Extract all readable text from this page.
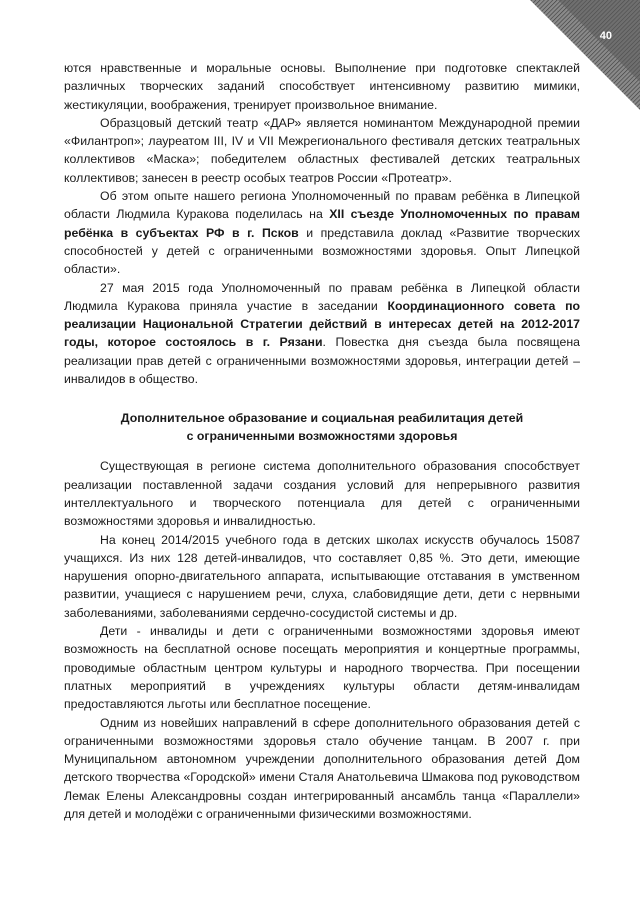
40

ются нравственные и моральные основы. Выполнение при подготовке спектаклей различных творческих заданий способствует интенсивному развитию мимики, жестикуляции, воображения, тренирует произвольное внимание.

Образцовый детский театр «ДАР» является номинантом Международной премии «Филантроп»; лауреатом III, IV и VII Межрегионального фестиваля детских театральных коллективов «Маска»; победителем областных фестивалей детских театральных коллективов; занесен в реестр особых театров России «Протеатр».

Об этом опыте нашего региона Уполномоченный по правам ребёнка в Липецкой области Людмила Куракова поделилась на XII съезде Уполномоченных по правам ребёнка в субъектах РФ в г. Псков и представила доклад «Развитие творческих способностей у детей с ограниченными возможностями здоровья. Опыт Липецкой области».

27 мая 2015 года Уполномоченный по правам ребёнка в Липецкой области Людмила Куракова приняла участие в заседании Координационного совета по реализации Национальной Стратегии действий в интересах детей на 2012-2017 годы, которое состоялось в г. Рязани. Повестка дня съезда была посвящена реализации прав детей с ограниченными возможностями здоровья, интеграции детей – инвалидов в общество.

Дополнительное образование и социальная реабилитация детей
с ограниченными возможностями здоровья

Существующая в регионе система дополнительного образования способствует реализации поставленной задачи создания условий для непрерывного развития интеллектуального и творческого потенциала для детей с ограниченными возможностями здоровья и инвалидностью.

На конец 2014/2015 учебного года в детских школах искусств обучалось 15087 учащихся. Из них 128 детей-инвалидов, что составляет 0,85 %. Это дети, имеющие нарушения опорно-двигательного аппарата, испытывающие отставания в умственном развитии, учащиеся с нарушением речи, слуха, слабовидящие дети, дети с нервными заболеваниями, заболеваниями сердечно-сосудистой системы и др.

Дети - инвалиды и дети с ограниченными возможностями здоровья имеют возможность на бесплатной основе посещать мероприятия и концертные программы, проводимые областным центром культуры и народного творчества. При посещении платных мероприятий в учреждениях культуры области детям-инвалидам предоставляются льготы или бесплатное посещение.

Одним из новейших направлений в сфере дополнительного образования детей с ограниченными возможностями здоровья стало обучение танцам. В 2007 г. при Муниципальном автономном учреждении дополнительного образования детей Дом детского творчества «Городской» имени Сталя Анатольевича Шмакова под руководством Лемак Елены Александровны создан интегрированный ансамбль танца «Параллели» для детей и молодёжи с ограниченными физическими возможностями.
